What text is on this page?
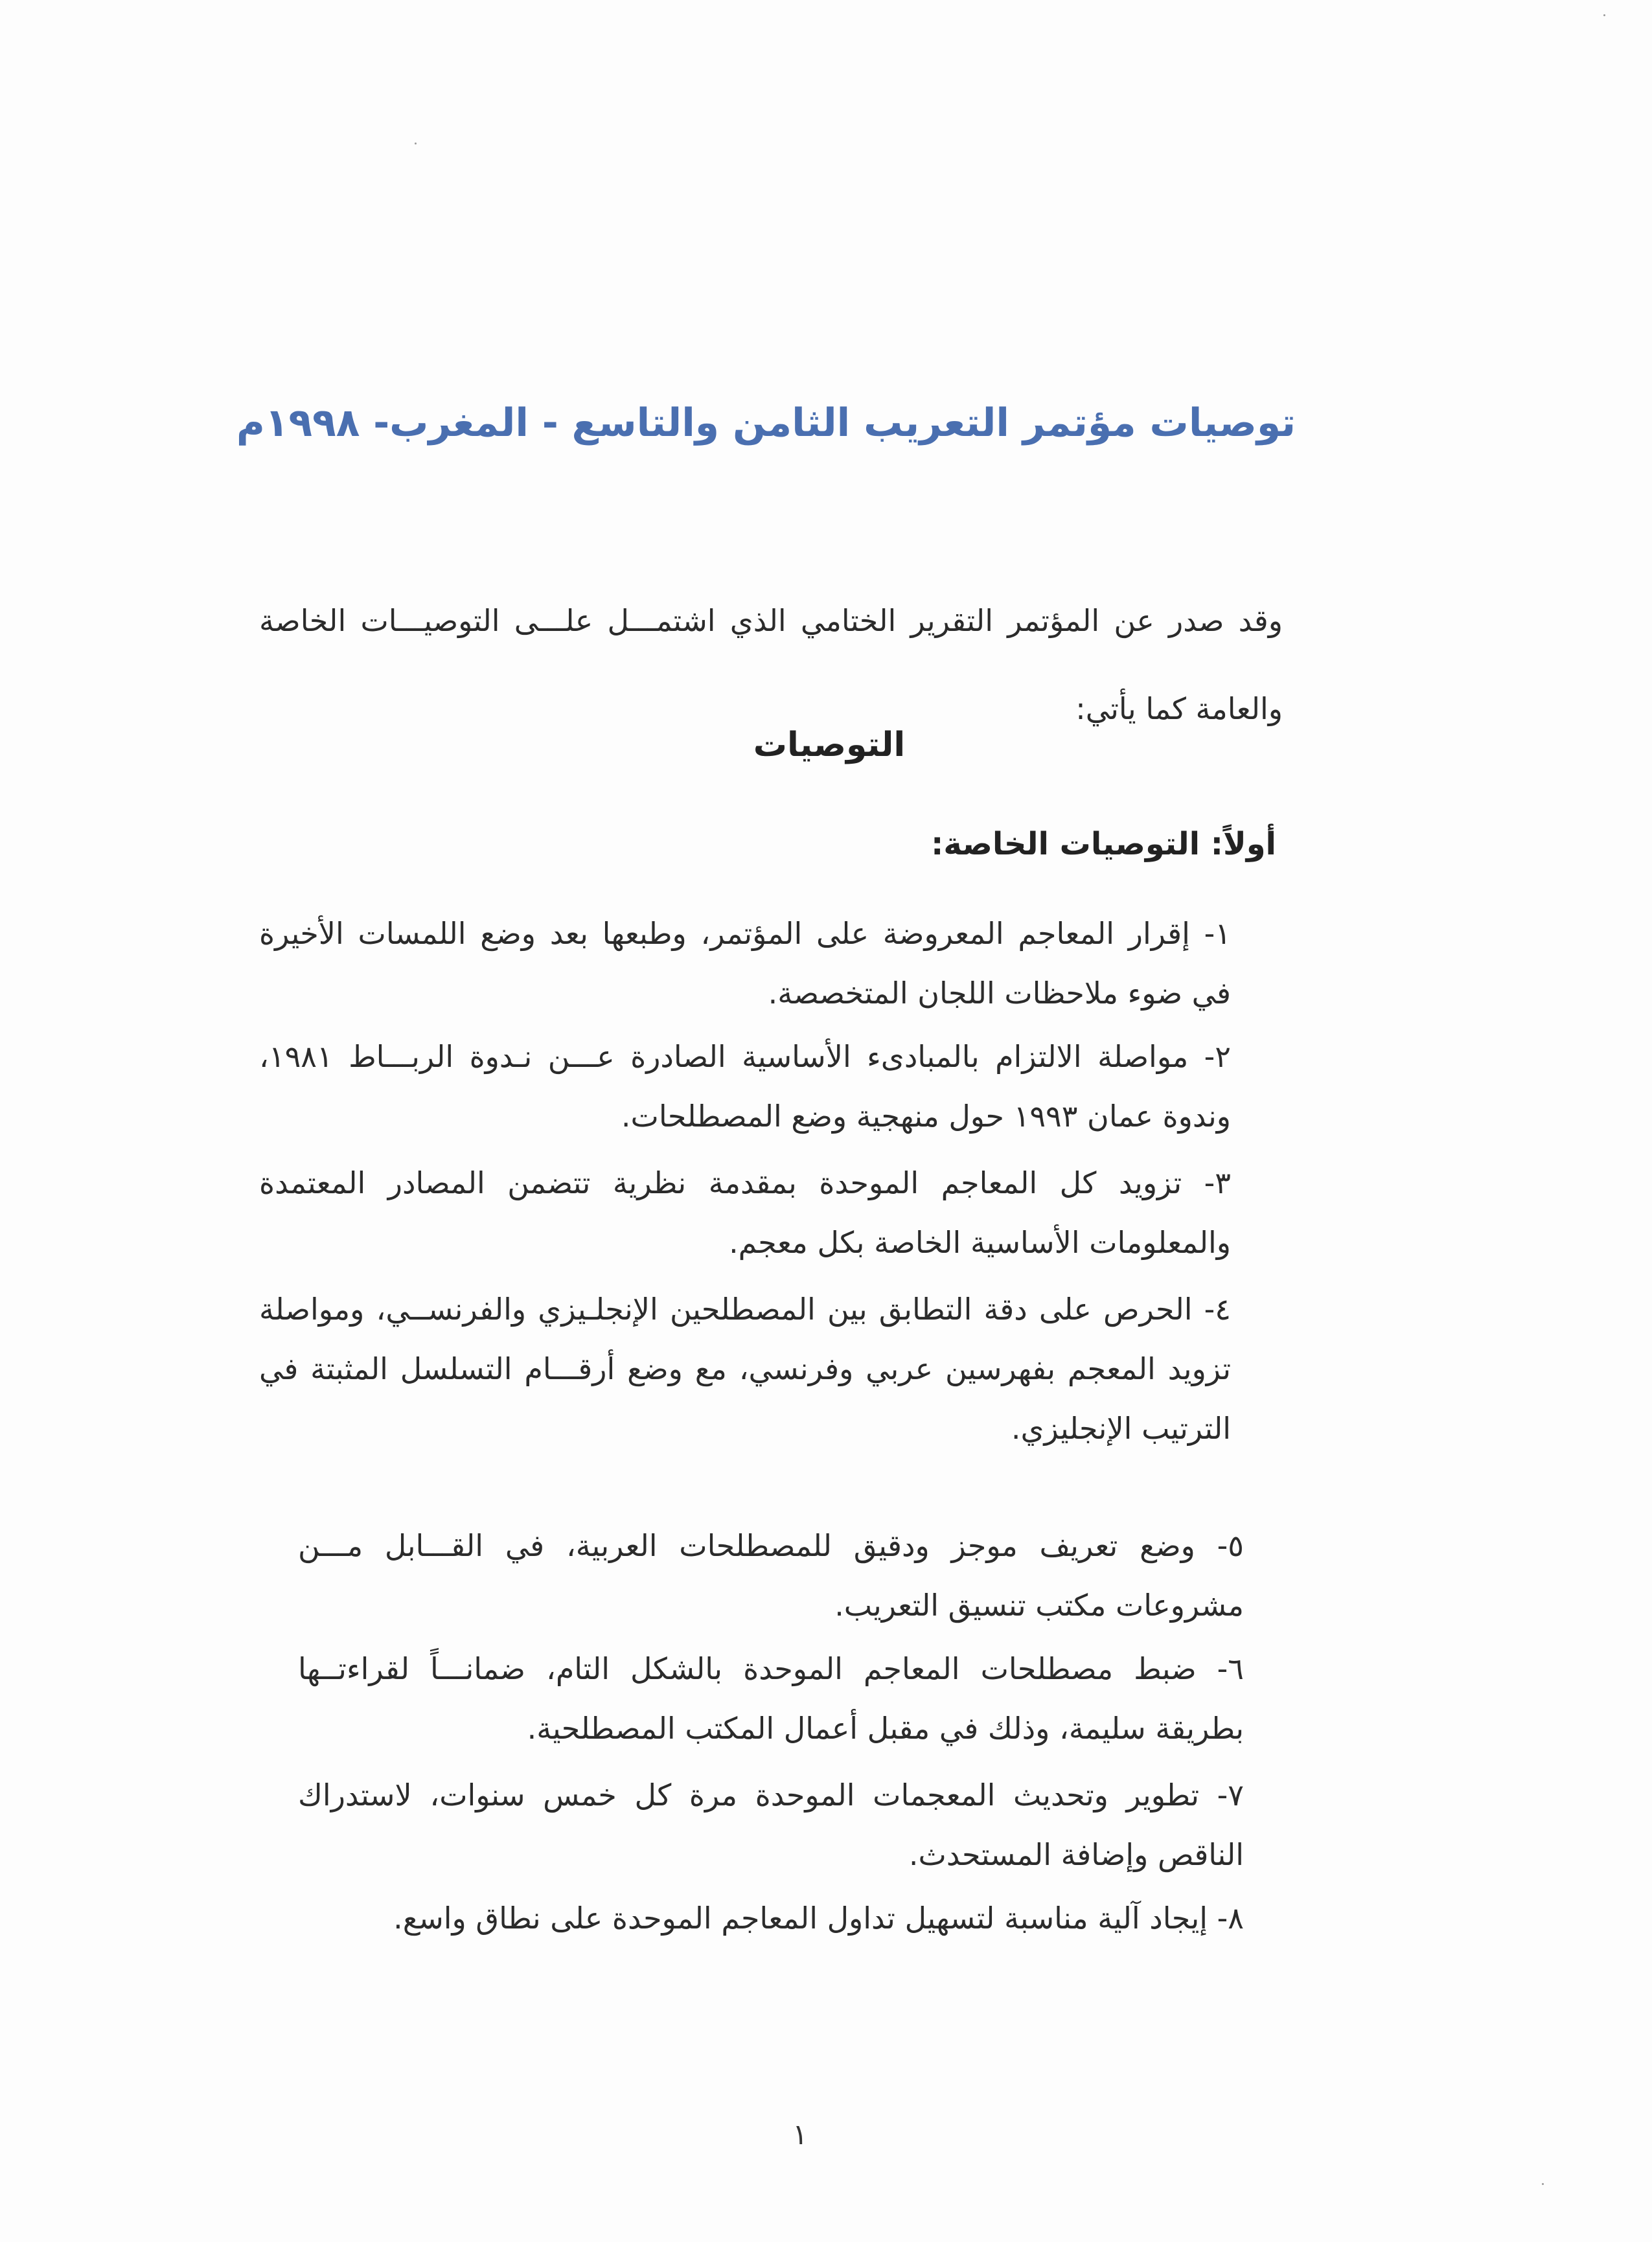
توصيات مؤتمر التعريب الثامن والتاسع - المغرب- ١٩٩٨م
وقد صدر عن المؤتمر التقرير الختامي الذي اشتمـــل علـــى التوصيـــات الخاصة والعامة كما يأتي:
التوصيات
أولاً: التوصيات الخاصة:
١- إقرار المعاجم المعروضة على المؤتمر، وطبعها بعد وضع اللمسات الأخيرة في ضوء ملاحظات اللجان المتخصصة.
٢- مواصلة الالتزام بالمبادىء الأساسية الصادرة عـــن نـدوة الربـــاط ١٩٨١، وندوة عمان ١٩٩٣ حول منهجية وضع المصطلحات.
٣- تزويد كل المعاجم الموحدة بمقدمة نظرية تتضمن المصادر المعتمدة والمعلومات الأساسية الخاصة بكل معجم.
٤- الحرص على دقة التطابق بين المصطلحين الإنجلـيزي والفرنســي، ومواصلة تزويد المعجم بفهرسين عربي وفرنسي، مع وضع أرقـــام التسلسل المثبتة في الترتيب الإنجليزي.
٥- وضع تعريف موجز ودقيق للمصطلحات العربية، في القـــابل مـــن مشروعات مكتب تنسيق التعريب.
٦- ضبط مصطلحات المعاجم الموحدة بالشكل التام، ضمانـــاً لقراءتــها بطريقة سليمة، وذلك في مقبل أعمال المكتب المصطلحية.
٧- تطوير وتحديث المعجمات الموحدة مرة كل خمس سنوات، لاستدراك الناقص وإضافة المستحدث.
٨- إيجاد آلية مناسبة لتسهيل تداول المعاجم الموحدة على نطاق واسع.
١
